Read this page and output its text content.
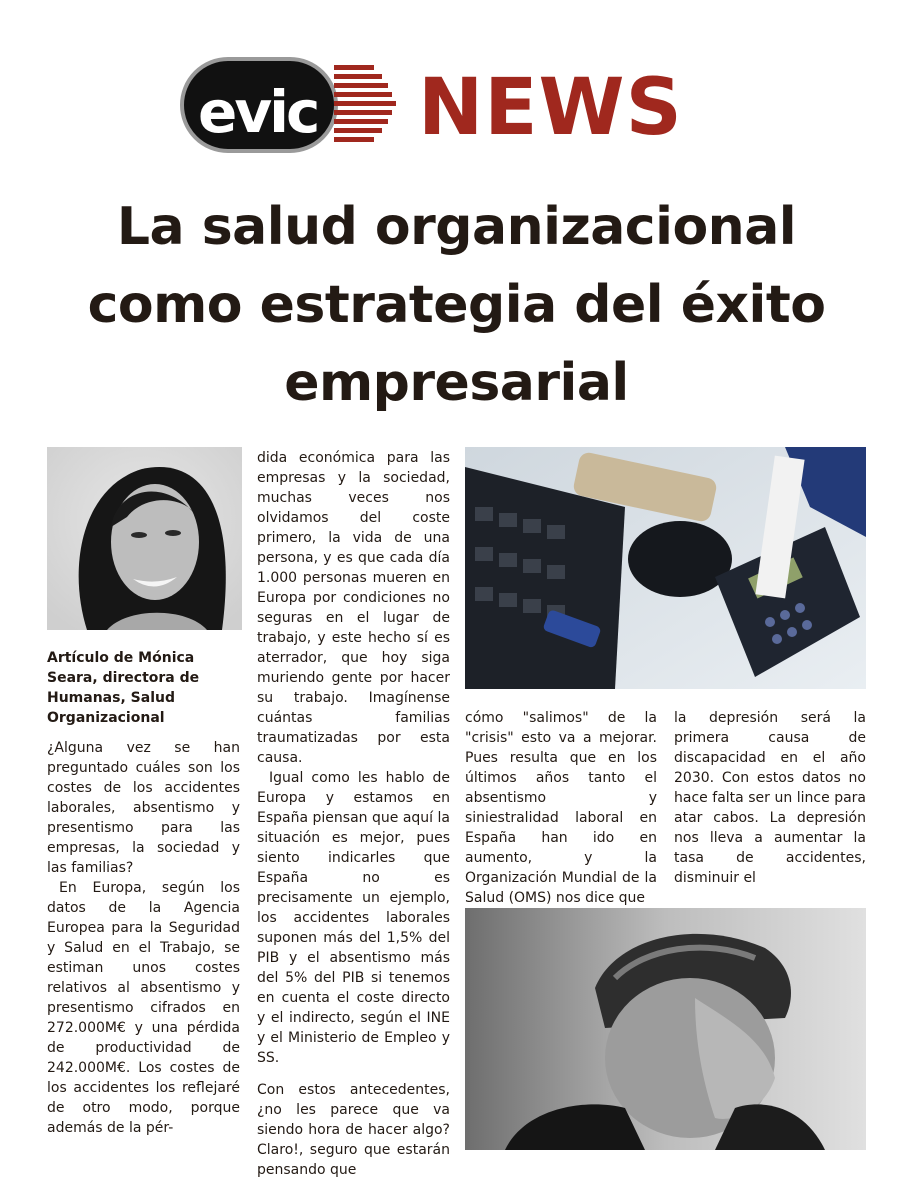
evic	NEWS
La salud organizacional
como estrategia del éxito
empresarial
Artículo de Mónica Seara, directora de Humanas, Salud Organizacional

¿Alguna vez se han preguntado cuáles son los costes de los accidentes laborales, absentismo y presentismo para las empresas, la sociedad y las familias?

En Europa, según los datos de la Agencia Europea para la Seguridad y Salud en el Trabajo, se estiman unos costes relativos al absentismo y presentismo cifrados en 272.000M€ y una pérdida de productividad de 242.000M€. Los costes de los accidentes los reflejaré de otro modo, porque además de la pér-

dida económica para las empresas y la sociedad, muchas veces nos olvidamos del coste primero, la vida de una persona, y es que cada día 1.000 personas mueren en Europa por condiciones no seguras en el lugar de trabajo, y este hecho sí es aterrador, que hoy siga muriendo gente por hacer su trabajo. Imagínense cuántas familias traumatizadas por esta causa.

Igual como les hablo de Europa y estamos en España piensan que aquí la situación es mejor, pues siento indicarles que España no es precisamente un ejemplo, los accidentes laborales suponen más del 1,5% del PIB y el absentismo más del 5% del PIB si tenemos en cuenta el coste directo y el indirecto, según el INE y el Ministerio de Empleo y SS.

Con estos antecedentes, ¿no les parece que va siendo hora de hacer algo? Claro!, seguro que estarán pensando que

cómo "salimos" de la "crisis" esto va a mejorar. Pues resulta que en los últimos años tanto el absentismo y siniestralidad laboral en España han ido en aumento, y la Organización Mundial de la Salud (OMS) nos dice que

la depresión será la primera causa de discapacidad en el año 2030. Con estos datos no hace falta ser un lince para atar cabos. La depresión nos lleva a aumentar la tasa de accidentes, disminuir el
